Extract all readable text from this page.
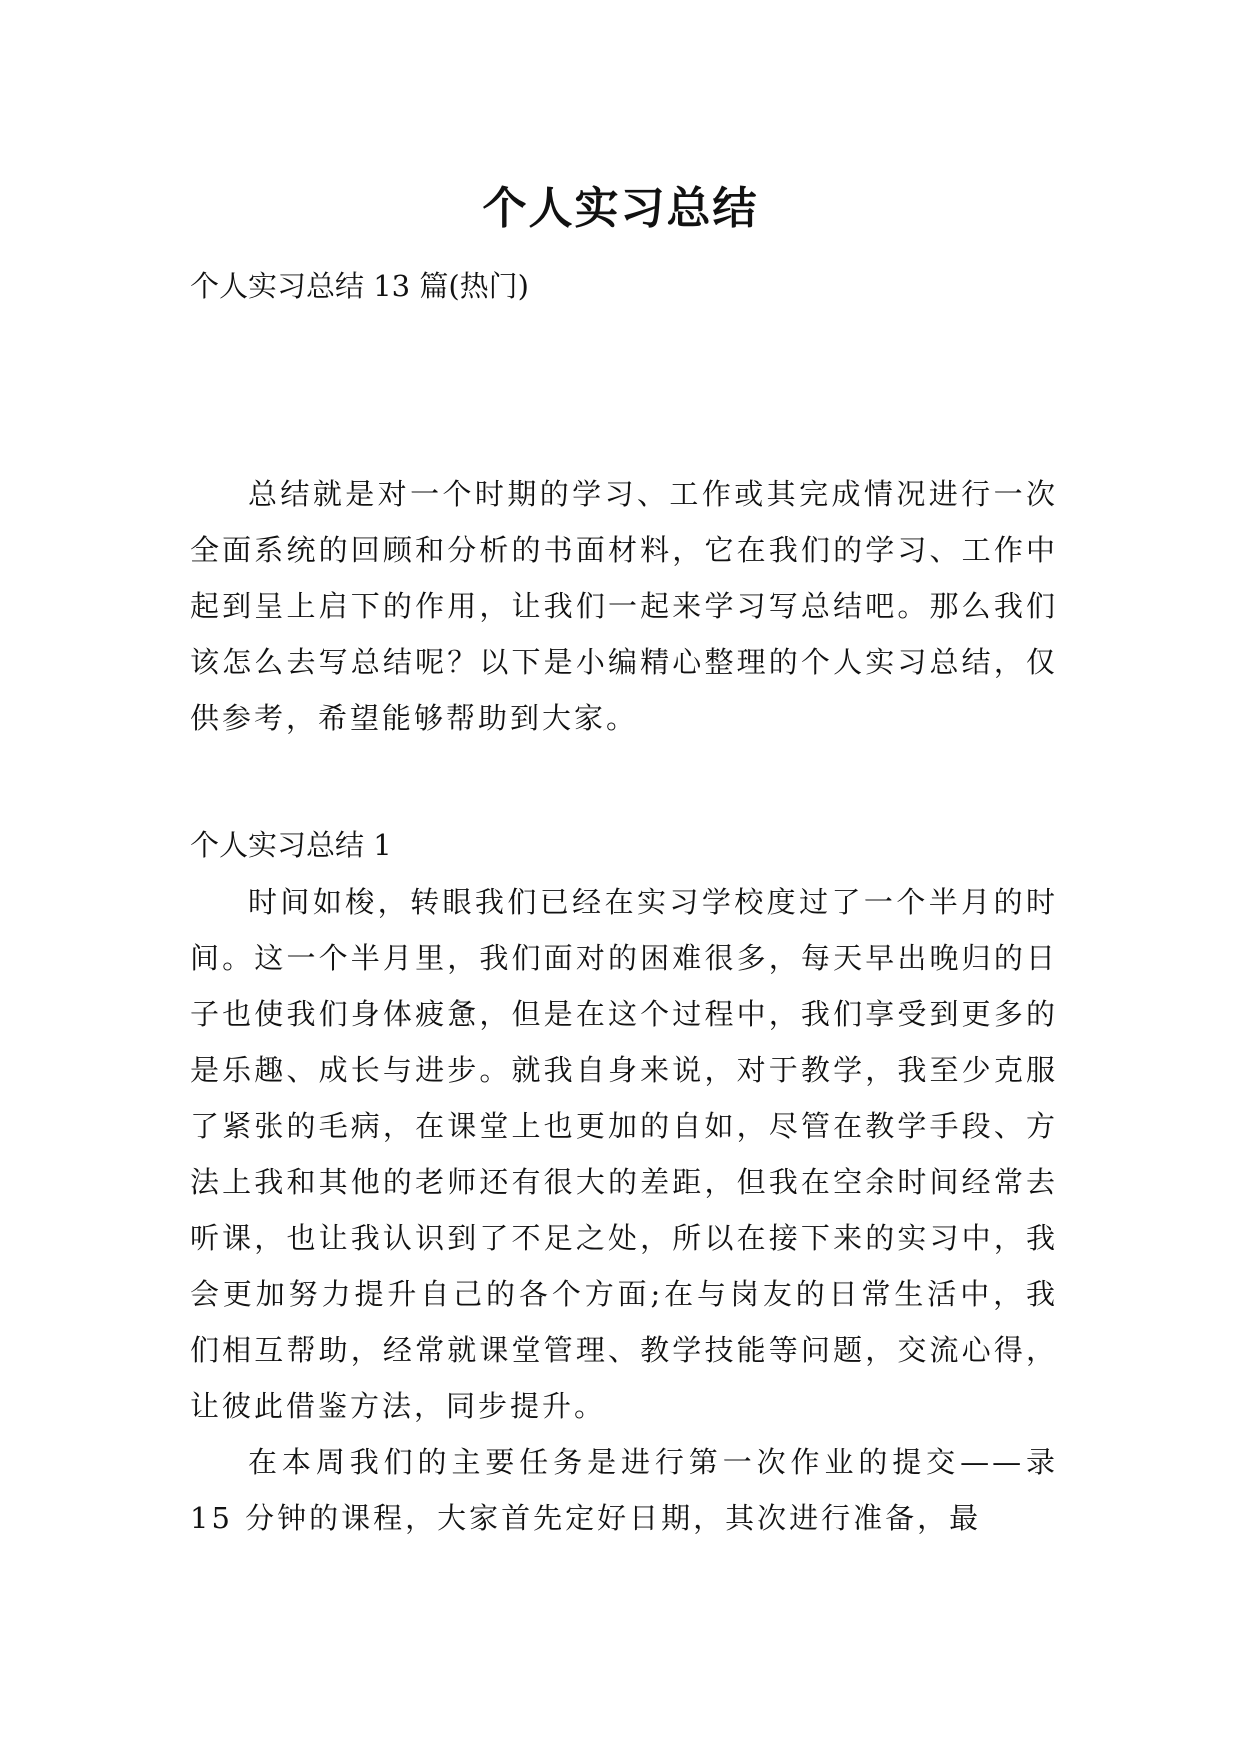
个人实习总结
个人实习总结 13 篇(热门)

总结就是对一个时期的学习、工作或其完成情况进行一次全面系统的回顾和分析的书面材料，它在我们的学习、工作中起到呈上启下的作用，让我们一起来学习写总结吧。那么我们该怎么去写总结呢？以下是小编精心整理的个人实习总结，仅供参考，希望能够帮助到大家。

个人实习总结 1

时间如梭，转眼我们已经在实习学校度过了一个半月的时间。这一个半月里，我们面对的困难很多，每天早出晚归的日子也使我们身体疲惫，但是在这个过程中，我们享受到更多的是乐趣、成长与进步。就我自身来说，对于教学，我至少克服了紧张的毛病，在课堂上也更加的自如，尽管在教学手段、方法上我和其他的老师还有很大的差距，但我在空余时间经常去听课，也让我认识到了不足之处，所以在接下来的实习中，我会更加努力提升自己的各个方面;在与岗友的日常生活中，我们相互帮助，经常就课堂管理、教学技能等问题，交流心得，让彼此借鉴方法，同步提升。

在本周我们的主要任务是进行第一次作业的提交——录 15 分钟的课程，大家首先定好日期，其次进行准备，最
